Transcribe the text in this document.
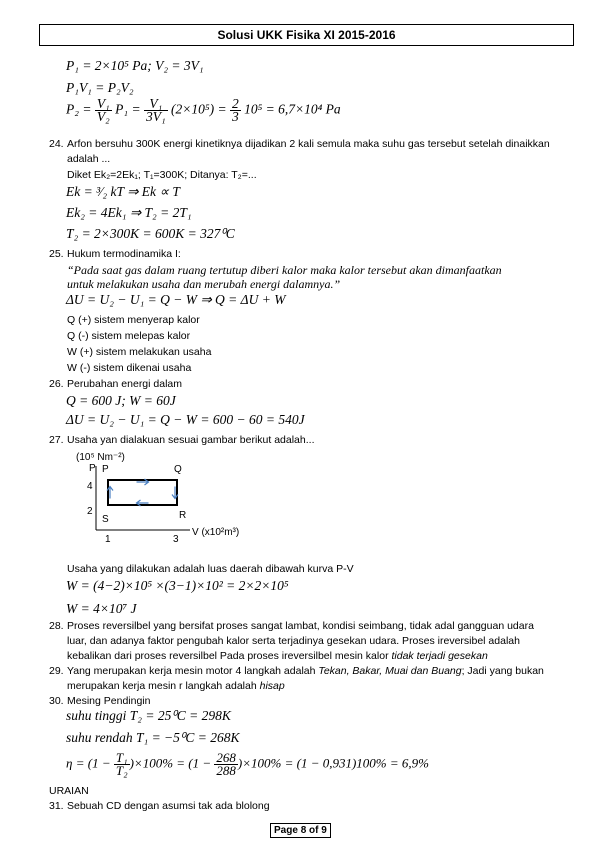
Solusi UKK Fisika XI 2015-2016
P₁ = 2×10⁵ Pa; V₂ = 3V₁
P₁V₁ = P₂V₂
$P_2 = \frac{\text{V₁}}{\text{V₂}} P_1 = \frac{\text{V₁}}{\text{3V₁}} (2\times 10^5) = \frac{2}{3} 10^5 = 6,7\times 10^4$ Pa
24. Arfon bersuhu 300K energi kinetiknya dijadikan 2 kali semula maka suhu gas tersebut setelah dinaikkan
adalah ...
Diket Ek₂=2Ek₁; T₁=300K; Ditanya: T₂=...
Ek = ³⁄₂ kT ⇒ Ek ∝ T
Ek₂ = 4Ek₁ ⇒ T₂ = 2T₁
T₂ = 2×300K = 600K = 327⁰C
25. Hukum termodinamika I:
“Pada saat gas dalam ruang tertutup diberi kalor maka kalor tersebut akan dimanfaatkan
untuk melakukan usaha dan merubah energi dalamnya.”
ΔU = U₂ − U₁ = Q − W ⇒ Q = ΔU + W
Q (+) sistem menyerap kalor
Q (-) sistem melepas kalor
W (+) sistem melakukan usaha
W (-) sistem dikenai usaha
26. Perubahan energi dalam
Q = 600 J; W = 60J
ΔU = U₂ − U₁ = Q − W = 600 − 60 = 540J
27. Usaha yan dialakuan sesuai gambar berikut adalah...
(10⁵ Nm⁻²)
P
4
2
1	3
V (x10²m³)
P	Q
R
S
Usaha yang dilakukan adalah luas daerah dibawah kurva P-V
W = (4−2)×10⁵ ×(3−1)×10² = 2×2×10⁵
W = 4×10⁷ J
28. Proses reversilbel yang bersifat proses sangat lambat, kondisi seimbang, tidak adal gangguan udara
luar, dan adanya faktor pengubah kalor serta terjadinya gesekan udara. Proses ireversibel adalah
kebalikan dari proses reversilbel Pada proses ireversilbel mesin kalor tidak terjadi gesekan
29. Yang merupakan kerja mesin motor 4 langkah adalah Tekan, Bakar, Muai dan Buang; Jadi yang bukan
merupakan kerja mesin r langkah adalah hisap
30. Mesing Pendingin
suhu tinggi T₂ = 25⁰C = 298K
suhu rendah T₁ = −5⁰C = 268K
$\eta = (1 - \frac{\text{T₁}}{\text{T₂}} )\times 100\% = (1 - \frac{268}{288} )\times 100\% = (1 - 0,931)100\% = 6,9\%$
URAIAN
31. Sebuah CD dengan asumsi tak ada blolong
Page 8 of 9
